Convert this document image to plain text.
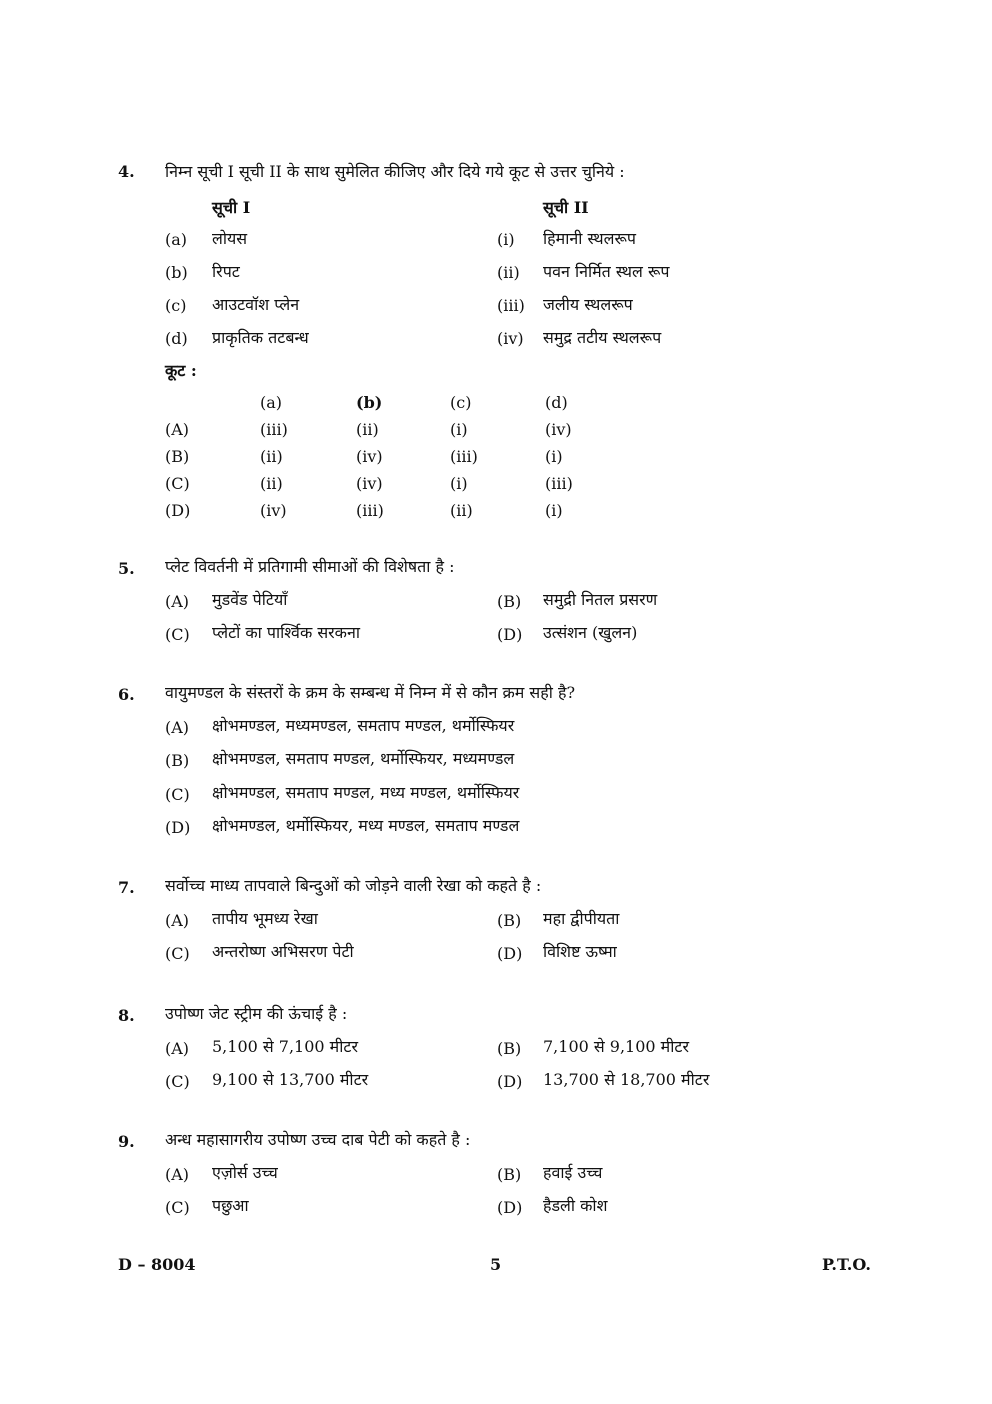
4. निम्न सूची I सूची II के साथ सुमेलित कीजिए और दिये गये कूट से उत्तर चुनिये :
सूची I	सूची II
(a) लोयस	(i) हिमानी स्थलरूप
(b) रिपट	(ii) पवन निर्मित स्थल रूप
(c) आउटवॉश प्लेन	(iii) जलीय स्थलरूप
(d) प्राकृतिक तटबन्ध	(iv) समुद्र तटीय स्थलरूप
कूट :
(a)	(b)	(c)	(d)
(A)	(iii)	(ii)	(i)	(iv)
(B)	(ii)	(iv)	(iii)	(i)
(C)	(ii)	(iv)	(i)	(iii)
(D)	(iv)	(iii)	(ii)	(i)
5. प्लेट विवर्तनी में प्रतिगामी सीमाओं की विशेषता है :
(A) मुडवेंड पेटियाँ	(B) समुद्री नितल प्रसरण
(C) प्लेटों का पार्श्विक सरकना	(D) उत्संशन (खुलन)
6. वायुमण्डल के संस्तरों के क्रम के सम्बन्ध में निम्न में से कौन क्रम सही है?
(A) क्षोभमण्डल, मध्यमण्डल, समताप मण्डल, थर्मोस्फियर
(B) क्षोभमण्डल, समताप मण्डल, थर्मोस्फियर, मध्यमण्डल
(C) क्षोभमण्डल, समताप मण्डल, मध्य मण्डल, थर्मोस्फियर
(D) क्षोभमण्डल, थर्मोस्फियर, मध्य मण्डल, समताप मण्डल
7. सर्वोच्च माध्य तापवाले बिन्दुओं को जोड़ने वाली रेखा को कहते है :
(A) तापीय भूमध्य रेखा	(B) महा द्वीपीयता
(C) अन्तरोष्ण अभिसरण पेटी	(D) विशिष्ट ऊष्मा
8. उपोष्ण जेट स्ट्रीम की ऊंचाई है :
(A) 5,100 से 7,100 मीटर	(B) 7,100 से 9,100 मीटर
(C) 9,100 से 13,700 मीटर	(D) 13,700 से 18,700 मीटर
9. अन्ध महासागरीय उपोष्ण उच्च दाब पेटी को कहते है :
(A) एज़ोर्स उच्च	(B) हवाई उच्च
(C) पछुआ	(D) हैडली कोश
D – 8004	5	P.T.O.
